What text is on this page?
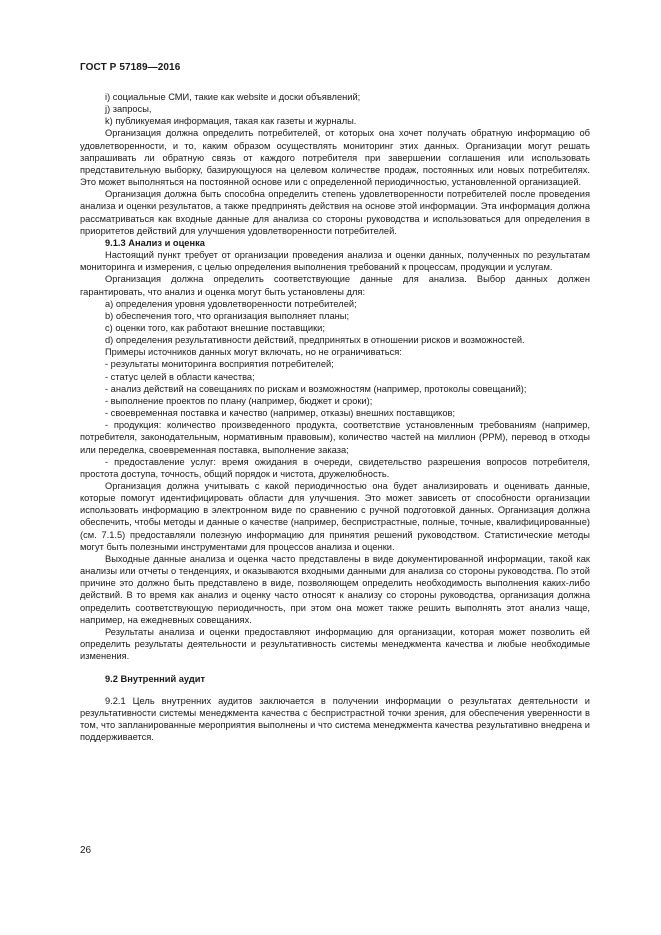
ГОСТ Р 57189—2016

i) социальные СМИ, такие как website и доски объявлений;

j) запросы,

k) публикуемая информация, такая как газеты и журналы.

Организация должна определить потребителей, от которых она хочет получать обратную информацию об удовлетворенности, и то, каким образом осуществлять мониторинг этих данных. Организации могут решать запрашивать ли обратную связь от каждого потребителя при завершении соглашения или использовать представительную выборку, базирующуюся на целевом количестве продаж, постоянных или новых потребителях. Это может выполняться на постоянной основе или с определенной периодичностью, установленной организацией.

Организация должна быть способна определить степень удовлетворенности потребителей после проведения анализа и оценки результатов, а также предпринять действия на основе этой информации. Эта информация должна рассматриваться как входные данные для анализа со стороны руководства и использоваться для определения в приоритетов действий для улучшения удовлетворенности потребителей.

9.1.3 Анализ и оценка

Настоящий пункт требует от организации проведения анализа и оценки данных, полученных по результатам мониторинга и измерения, с целью определения выполнения требований к процессам, продукции и услугам.

Организация должна определить соответствующие данные для анализа. Выбор данных должен гарантировать, что анализ и оценка могут быть установлены для:

a) определения уровня удовлетворенности потребителей;

b) обеспечения того, что организация выполняет планы;

c) оценки того, как работают внешние поставщики;

d) определения результативности действий, предпринятых в отношении рисков и возможностей.

Примеры источников данных могут включать, но не ограничиваться:

- результаты мониторинга восприятия потребителей;

- статус целей в области качества;

- анализ действий на совещаниях по рискам и возможностям (например, протоколы совещаний);

- выполнение проектов по плану (например, бюджет и сроки);

- своевременная поставка и качество (например, отказы) внешних поставщиков;

- продукция: количество произведенного продукта, соответствие установленным требованиям (например, потребителя, законодательным, нормативным правовым), количество частей на миллион (PPM), перевод в отходы или переделка, своевременная поставка, выполнение заказа;

- предоставление услуг: время ожидания в очереди, свидетельство разрешения вопросов потребителя, простота доступа, точность, общий порядок и чистота, дружелюбность.

Организация должна учитывать с какой периодичностью она будет анализировать и оценивать данные, которые помогут идентифицировать области для улучшения. Это может зависеть от способности организации использовать информацию в электронном виде по сравнению с ручной подготовкой данных. Организация должна обеспечить, чтобы методы и данные о качестве (например, беспристрастные, полные, точные, квалифицированные) (см. 7.1.5) предоставляли полезную информацию для принятия решений руководством. Статистические методы могут быть полезными инструментами для процессов анализа и оценки.

Выходные данные анализа и оценка часто представлены в виде документированной информации, такой как анализы или отчеты о тенденциях, и оказываются входными данными для анализа со стороны руководства. По этой причине это должно быть представлено в виде, позволяющем определить необходимость выполнения каких-либо действий. В то время как анализ и оценку часто относят к анализу со стороны руководства, организация должна определить соответствующую периодичность, при этом она может также решить выполнять этот анализ чаще, например, на ежедневных совещаниях.

Результаты анализа и оценки предоставляют информацию для организации, которая может позволить ей определить результаты деятельности и результативность системы менеджмента качества и любые необходимые изменения.

9.2 Внутренний аудит

9.2.1 Цель внутренних аудитов заключается в получении информации о результатах деятельности и результативности системы менеджмента качества с беспристрастной точки зрения, для обеспечения уверенности в том, что запланированные мероприятия выполнены и что система менеджмента качества результативно внедрена и поддерживается.

26
